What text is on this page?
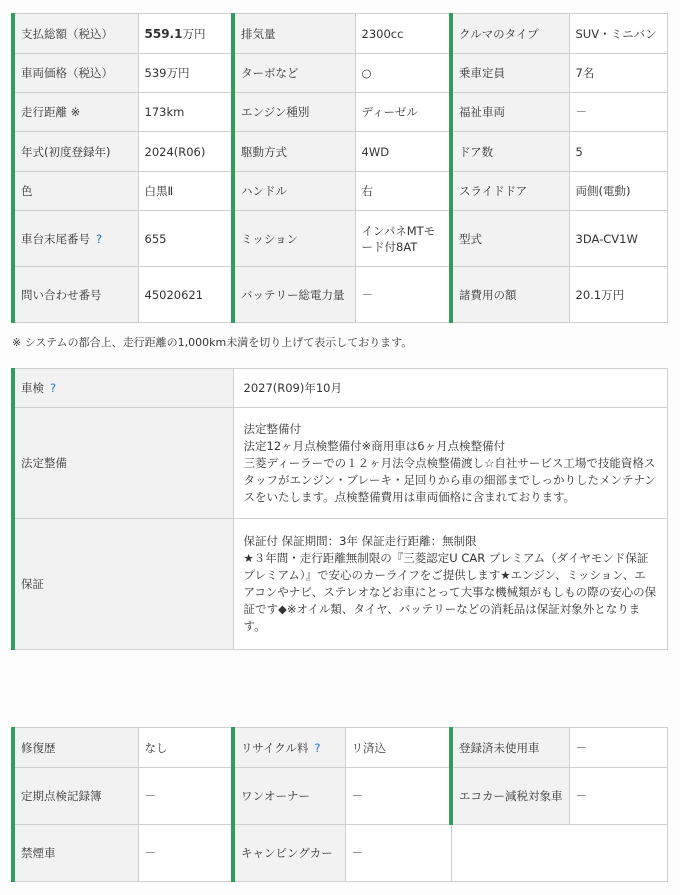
支払総額（税込）	559.1万円	排気量	2300cc	クルマのタイプ	SUV・ミニバン
車両価格（税込）	539万円	ターボなど	○	乗車定員	7名
走行距離 ※	173km	エンジン種別	ディーゼル	福祉車両	－
年式(初度登録年)	2024(R06)	駆動方式	4WD	ドア数	5
色	白黒Ⅱ	ハンドル	右	スライドドア	両側(電動)
車台末尾番号 ?	655	ミッション	インパネMTモード付8AT	型式	3DA-CV1W
問い合わせ番号	45020621	バッテリー総電力量	－	諸費用の額	20.1万円
※ システムの都合上、走行距離の1,000km未満を切り上げて表示しております。
車検 ?	2027(R09)年10月
法定整備	法定整備付
法定12ヶ月点検整備付※商用車は6ヶ月点検整備付
三菱ディーラーでの１２ヶ月法令点検整備渡し☆自社サービス工場で技能資格スタッフがエンジン・ブレーキ・足回りから車の細部までしっかりしたメンテナンスをいたします。点検整備費用は車両価格に含まれております。
保証	保証付 保証期間：3年 保証走行距離：無制限
★３年間・走行距離無制限の『三菱認定U CAR プレミアム（ダイヤモンド保証プレミアム）』で安心のカーライフをご提供します★エンジン、ミッション、エアコンやナビ、ステレオなどお車にとって大事な機械類がもしもの際の安心の保証です◆※オイル類、タイヤ、バッテリーなどの消耗品は保証対象外となります。
修復歴	なし	リサイクル料 ?	リ済込	登録済未使用車	－
定期点検記録簿	－	ワンオーナー	－	エコカー減税対象車	－
禁煙車	－	キャンピングカー	－		
